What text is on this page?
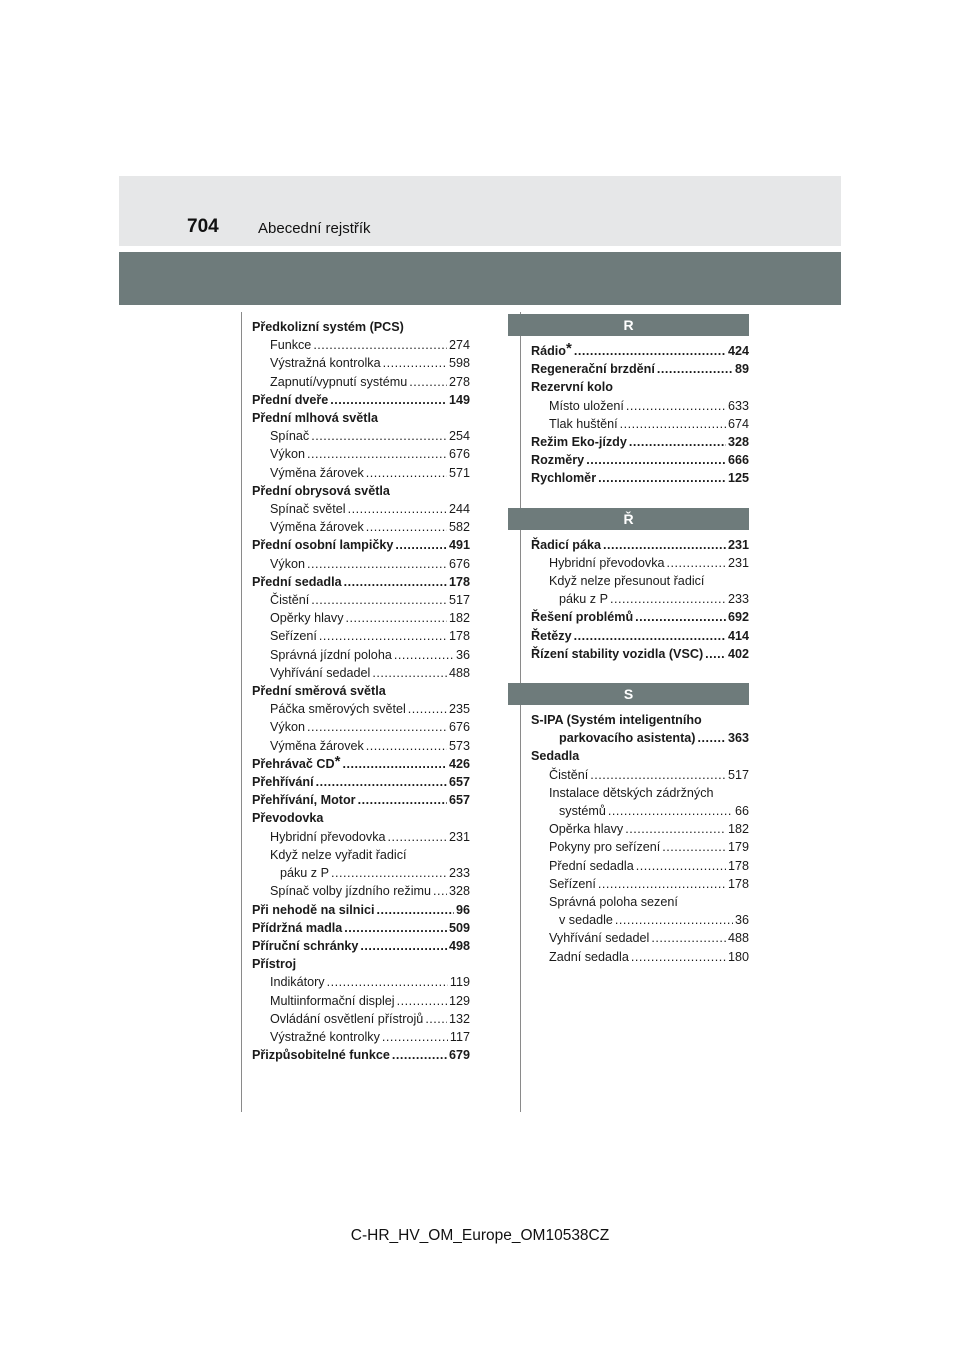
704	Abecední rejstřík
Předkolizní systém (PCS)
Funkce .....	274
Výstražná kontrolka .....	598
Zapnutí/vypnutí systému .....	278
Přední dveře .....	149
Přední mlhová světla
Spínač .....	254
Výkon .....	676
Výměna žárovek .....	571
Přední obrysová světla
Spínač světel .....	244
Výměna žárovek .....	582
Přední osobní lampičky .....	491
Výkon .....	676
Přední sedadla .....	178
Čistění .....	517
Opěrky hlavy .....	182
Seřízení .....	178
Správná jízdní poloha .....	36
Vyhřívání sedadel .....	488
Přední směrová světla
Páčka směrových světel .....	235
Výkon .....	676
Výměna žárovek .....	573
Přehrávač CD* .....	426
Přehřívání .....	657
Přehřívání, Motor .....	657
Převodovka
Hybridní převodovka .....	231
Když nelze vyřadit řadicí
páku z P .....	233
Spínač volby jízdního režimu ..... 328
Při nehodě na silnici .....	96
Přídržná madla .....	509
Příruční schránky .....	498
Přístroj
Indikátory .....	119
Multiinformační displej .....	129
Ovládání osvětlení přístrojů ..... 132
Výstražné kontrolky .....	117
Přizpůsobitelné funkce .....	679
R
Rádio* .....	424
Regenerační brzdění .....	89
Rezervní kolo
Místo uložení .....	633
Tlak huštění .....	674
Režim Eko-jízdy .....	328
Rozměry .....	666
Rychloměr .....	125
Ř
Řadicí páka .....	231
Hybridní převodovka .....	231
Když nelze přesunout řadicí
páku z P .....	233
Řešení problémů .....	692
Řetězy .....	414
Řízení stability vozidla (VSC) ..... 402
S
S-IPA (Systém inteligentního
parkovacího asistenta) .....	363
Sedadla
Čistění .....	517
Instalace dětských zádržných
systémů .....	66
Opěrka hlavy .....	182
Pokyny pro seřízení .....	179
Přední sedadla .....	178
Seřízení .....	178
Správná poloha sezení
v sedadle .....	36
Vyhřívání sedadel .....	488
Zadní sedadla .....	180
C-HR_HV_OM_Europe_OM10538CZ
